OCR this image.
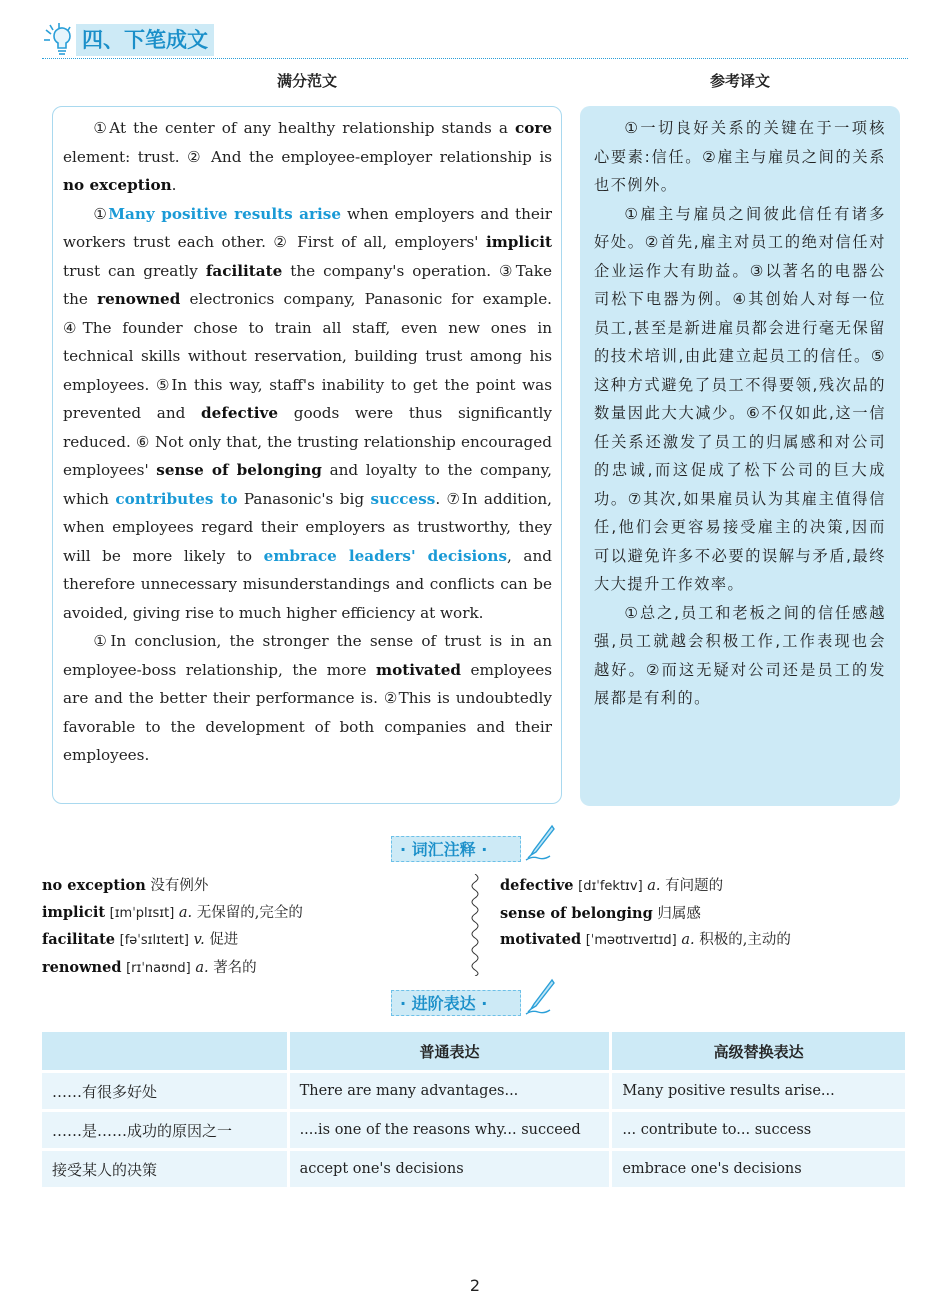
四、下笔成文
满分范文	参考译文

①At the center of any healthy relationship stands a core element: trust. ② And the employee-employer relationship is no exception.

①Many positive results arise when employers and their workers trust each other. ② First of all, employers' implicit trust can greatly facilitate the company's operation. ③Take the renowned electronics company, Panasonic for example. ④The founder chose to train all staff, even new ones in technical skills without reservation, building trust among his employees. ⑤In this way, staff's inability to get the point was prevented and defective goods were thus significantly reduced. ⑥ Not only that, the trusting relationship encouraged employees' sense of belonging and loyalty to the company, which contributes to Panasonic's big success. ⑦In addition, when employees regard their employers as trustworthy, they will be more likely to embrace leaders' decisions, and therefore unnecessary misunderstandings and conflicts can be avoided, giving rise to much higher efficiency at work.

①In conclusion, the stronger the sense of trust is in an employee-boss relationship, the more motivated employees are and the better their performance is. ②This is undoubtedly favorable to the development of both companies and their employees.

①一切良好关系的关键在于一项核心要素:信任。②雇主与雇员之间的关系也不例外。

①雇主与雇员之间彼此信任有诸多好处。②首先,雇主对员工的绝对信任对企业运作大有助益。③以著名的电器公司松下电器为例。④其创始人对每一位员工,甚至是新进雇员都会进行毫无保留的技术培训,由此建立起员工的信任。⑤这种方式避免了员工不得要领,残次品的数量因此大大减少。⑥不仅如此,这一信任关系还激发了员工的归属感和对公司的忠诚,而这促成了松下公司的巨大成功。⑦其次,如果雇员认为其雇主值得信任,他们会更容易接受雇主的决策,因而可以避免许多不必要的误解与矛盾,最终大大提升工作效率。

①总之,员工和老板之间的信任感越强,员工就越会积极工作,工作表现也会越好。②而这无疑对公司还是员工的发展都是有利的。

· 词汇注释 ·
no exception 没有例外
implicit [ɪmˈplɪsɪt] a. 无保留的,完全的
facilitate [fəˈsɪlɪteɪt] v. 促进
renowned [rɪˈnaʊnd] a. 著名的
defective [dɪˈfektɪv] a. 有问题的
sense of belonging 归属感
motivated [ˈməʊtɪveɪtɪd] a. 积极的,主动的
· 进阶表达 ·
	普通表达	高级替换表达
……有很多好处	There are many advantages...	Many positive results arise...
……是……成功的原因之一	....is one of the reasons why... succeed	... contribute to... success
接受某人的决策	accept one's decisions	embrace one's decisions
2
